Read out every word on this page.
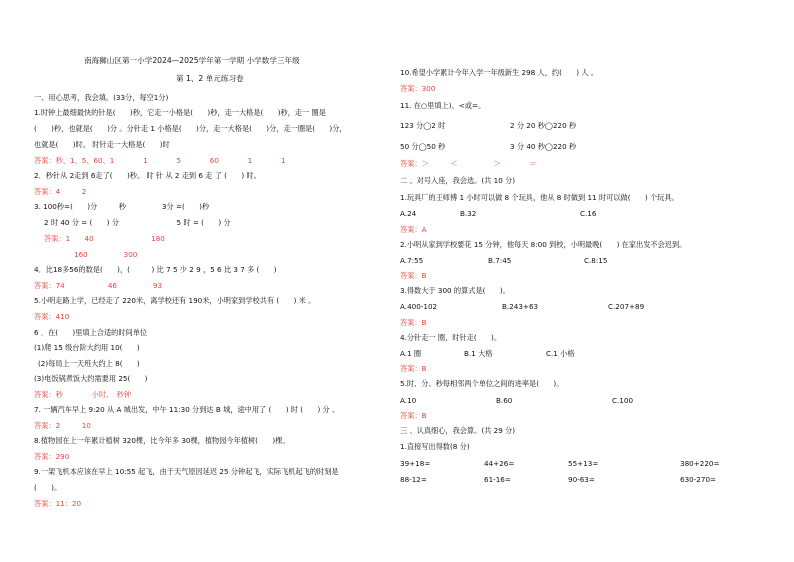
南海狮山区第一小学2024—2025学年第一学期 小学数学三年级
第 1、2 单元练习卷
一、用心思考，我会填。(33分，每空1分)
1.时钟上最细最快的针是(　　)秒，它走一小格是(　　)秒，走一大格是(　　)秒，走一 圈是
(　　)秒，也就是(　　)分 。分针走 1 小格是(　　)分，走一大格是(　　)分，走一圈是(　　)分，
也就是(　　)时。 时针走一大格是(　　)时
答案：秒、1、5、60、1　　　　1　　　　5　　　　60　　　　1　　　　1
2．秒针从 2走到 6走了(　　)秒。 时 针 从 2 走到 6 走 了 (　　) 时。
答案：4　　　2
3. 100秒=(　　)分　　　秒　　　　　3分 =(　　)秒
2 时 40 分 = (　　) 分　　　　　　　　5 时 = (　　) 分
答案：1　　40　　　　　　　　180
160　　　　　300
4．比18多56的数是(　　)，(　　　) 比 7 5 少 2 9 ，5 6 比 3 7 多 (　　)
答案：74　　　　　　46　　　　　93
5.小明走路上学，已经走了 220米，离学校还有 190米，小明家到学校共有 (　　) 米 。
答案：410
6 ．在(　　)里填上合适的时间单位
(1)爬 15 级台阶大约用 10(　　)
(2)每局上一天班大约上 8(　　)
(3)电饭锅煮饭大约需要用 25(　　)
答案：秒　　　　小时、　秒钟
7. 一辆汽车早上 9:20 从 A 城出发，中午 11:30 分到达 B 城，途中用了 (　　) 时 (　　) 分 。
答案：2　　　10
8.植物园在上一年累计植树 320棵，比今年多 30棵，植物园今年植树(　　)棵。
答案：290
9.一架飞机本应该在早上 10:55 起飞，由于天气原因延迟 25 分钟起飞，实际飞机起飞的时刻是
(　　)。
答案：11：20
10.希望小学累计今年入学一年级新生 298 人，约(　　) 人 。
答案：300
11. 在○里填上)、<或=。
123 分◯2 时　　　　　　　　　2 分 20 秒◯220 秒
50 分◯50 秒　　　　　　　　　3 分 40 秒◯220 秒
答案：＞　　　＜　　　　　＞　　　　＝
二 、对号入座，我会选。(共 10 分)
1.玩具厂的王师傅 1 小时可以做 8 个玩具，他从 8 时做到 11 时可以做(　　) 个玩具。
A.24	B.32	C.16
答案：A
2.小明从家到学校要花 15 分钟，他每天 8:00 到校，小明最晚(　　) 在家出发不会迟到。
A.7:55	B.7:45	C.8:15
答案：B
3.得数大于 300 的算式是(　　)。
A.400-102	B.243+63	C.207+89
答案：B
4.分针走一 圈，时针走(　　)。
A.1 圈	B.1 大格	C.1 小格
答案：B
5.时、分、秒每相邻两个单位之间的进率是(　　)。
A.10	B.60	C.100
答案：B
三 、认真细心，我会算。(共 29 分)
1.直接写出得数(8 分)
39+18=	44+26=	55+13=	380+220=
88-12=	61-16=	90-63=	630-270=
